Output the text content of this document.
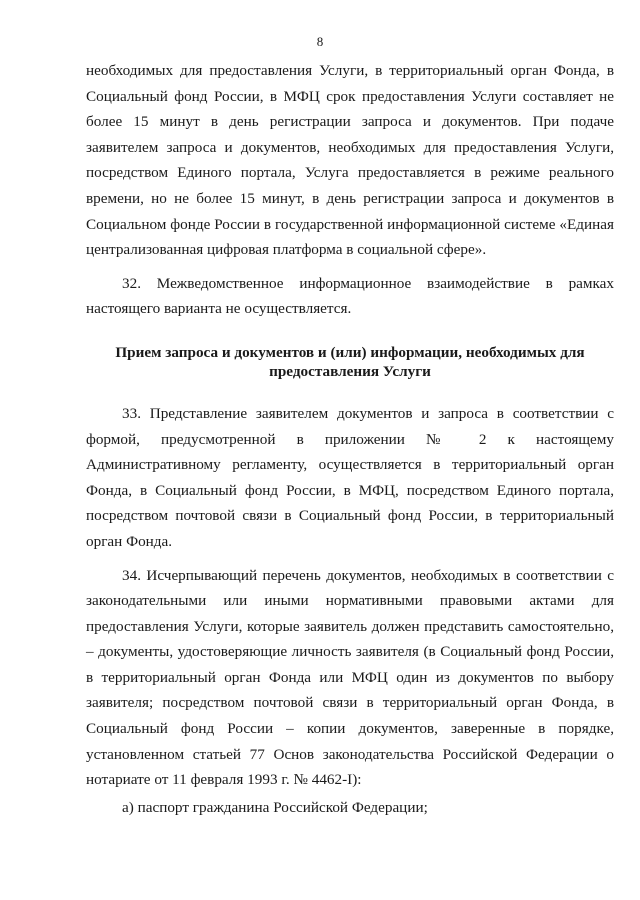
8

необходимых для предоставления Услуги, в территориальный орган Фонда, в Социальный фонд России, в МФЦ срок предоставления Услуги составляет не более 15 минут в день регистрации запроса и документов. При подаче заявителем запроса и документов, необходимых для предоставления Услуги, посредством Единого портала, Услуга предоставляется в режиме реального времени, но не более 15 минут, в день регистрации запроса и документов в Социальном фонде России в государственной информационной системе «Единая централизованная цифровая платформа в социальной сфере».

32. Межведомственное информационное взаимодействие в рамках настоящего варианта не осуществляется.

Прием запроса и документов и (или) информации, необходимых для
предоставления Услуги

33. Представление заявителем документов и запроса в соответствии с формой, предусмотренной в приложении № 2 к настоящему Административному регламенту, осуществляется в территориальный орган Фонда, в Социальный фонд России, в МФЦ, посредством Единого портала, посредством почтовой связи в Социальный фонд России, в территориальный орган Фонда.

34. Исчерпывающий перечень документов, необходимых в соответствии с законодательными или иными нормативными правовыми актами для предоставления Услуги, которые заявитель должен представить самостоятельно, – документы, удостоверяющие личность заявителя (в Социальный фонд России, в территориальный орган Фонда или МФЦ один из документов по выбору заявителя; посредством почтовой связи в территориальный орган Фонда, в Социальный фонд России – копии документов, заверенные в порядке, установленном статьей 77 Основ законодательства Российской Федерации о нотариате от 11 февраля 1993 г. № 4462-I):

а) паспорт гражданина Российской Федерации;
